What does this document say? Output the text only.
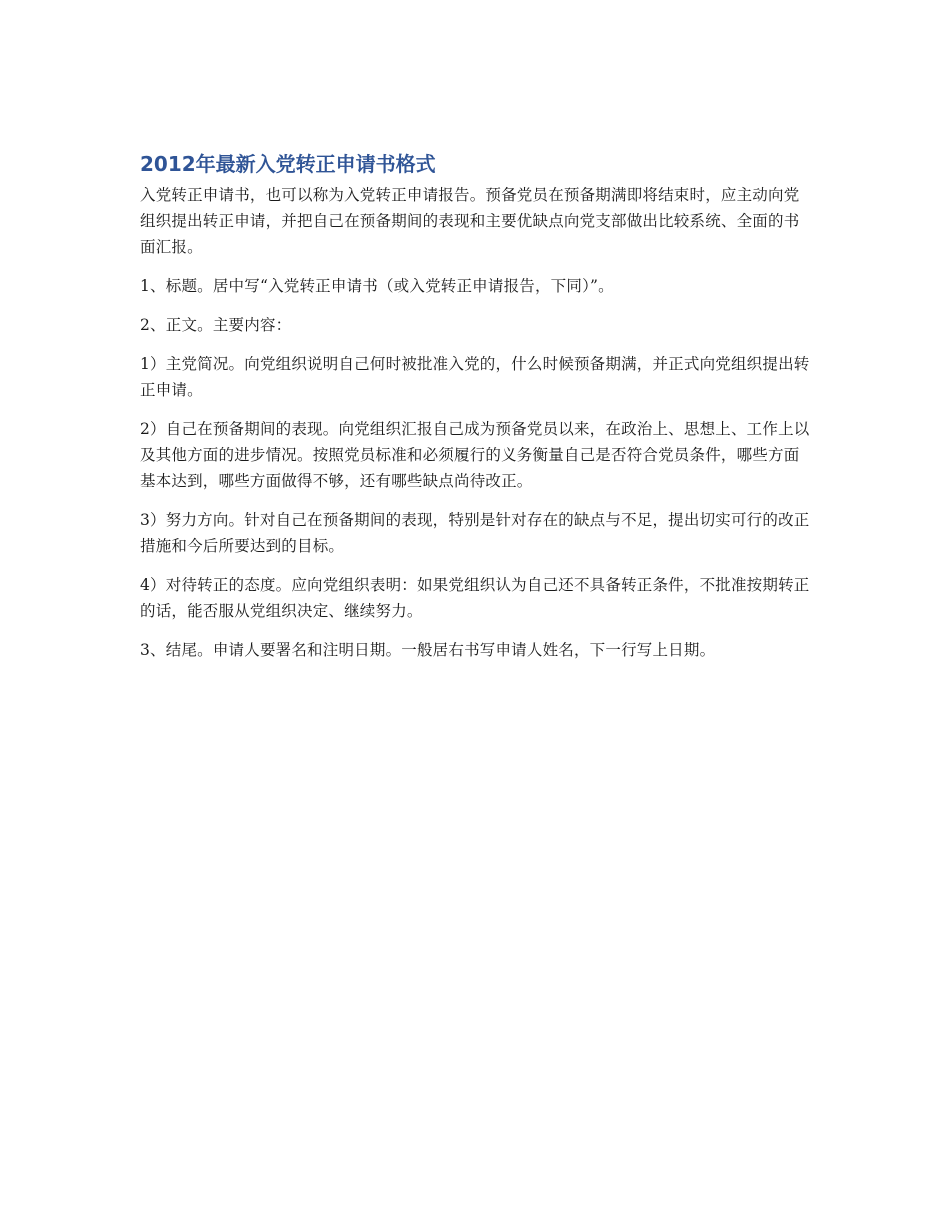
2012年最新入党转正申请书格式

入党转正申请书，也可以称为入党转正申请报告。预备党员在预备期满即将结束时，应主动向党组织提出转正申请，并把自己在预备期间的表现和主要优缺点向党支部做出比较系统、全面的书面汇报。

1、标题。居中写“入党转正申请书（或入党转正申请报告，下同）”。

2、正文。主要内容：

1）主党简况。向党组织说明自己何时被批准入党的，什么时候预备期满，并正式向党组织提出转正申请。

2）自己在预备期间的表现。向党组织汇报自己成为预备党员以来，在政治上、思想上、工作上以及其他方面的进步情况。按照党员标准和必须履行的义务衡量自己是否符合党员条件，哪些方面基本达到，哪些方面做得不够，还有哪些缺点尚待改正。

3）努力方向。针对自己在预备期间的表现，特别是针对存在的缺点与不足，提出切实可行的改正措施和今后所要达到的目标。

4）对待转正的态度。应向党组织表明：如果党组织认为自己还不具备转正条件，不批准按期转正的话，能否服从党组织决定、继续努力。

3、结尾。申请人要署名和注明日期。一般居右书写申请人姓名，下一行写上日期。
